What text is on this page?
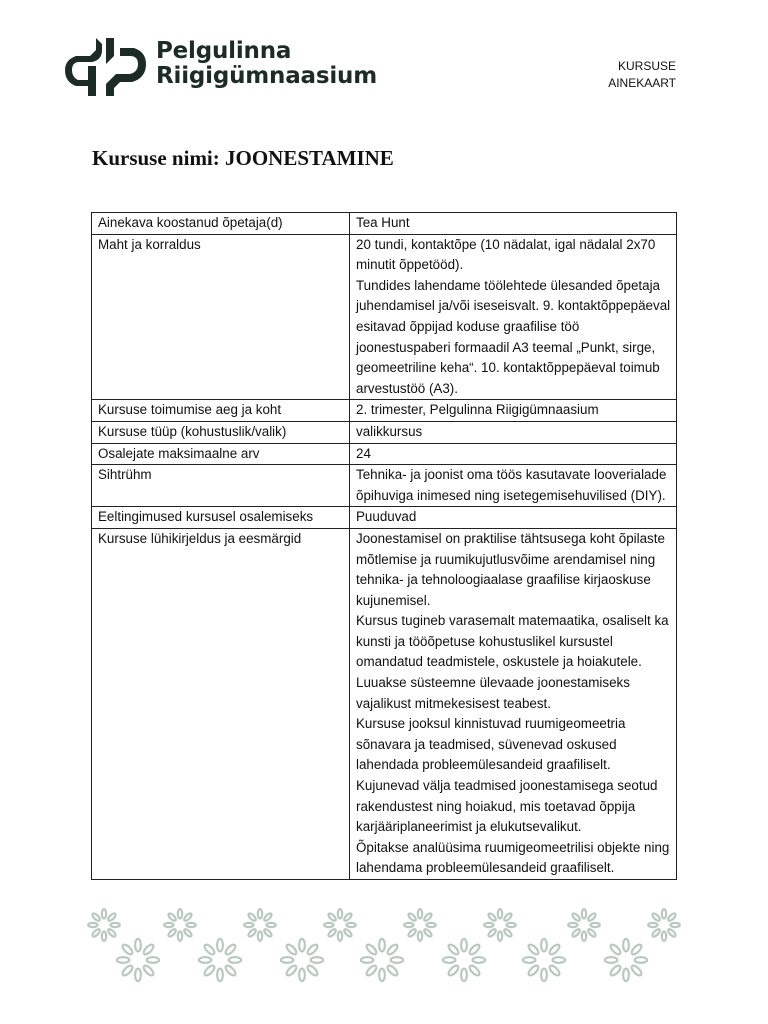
Pelgulinna
Riigigümnaasium	KURSUSE
AINEKAART
Kursuse nimi: JOONESTAMINE
Ainekava koostanud õpetaja(d)	Tea Hunt

Maht ja korraldus	20 tundi, kontaktõpe (10 nädalat, igal nädalal 2x70 minutit õppetööd).
Tundides lahendame töölehtede ülesanded õpetaja juhendamisel ja/või iseseisvalt. 9. kontaktõppepäeval esitavad õppijad koduse graafilise töö joonestuspaberi formaadil A3 teemal „Punkt, sirge, geomeetriline keha“. 10. kontaktõppepäeval toimub arvestustöö (A3).

Kursuse toimumise aeg ja koht	2. trimester, Pelgulinna Riigigümnaasium

Kursuse tüüp (kohustuslik/valik)	valikkursus

Osalejate maksimaalne arv	24

Sihtrühm	Tehnika- ja joonist oma töös kasutavate looverialade õpihuviga inimesed ning isetegemisehuvilised (DIY).

Eeltingimused kursusel osalemiseks	Puuduvad

Kursuse lühikirjeldus ja eesmärgid	Joonestamisel on praktilise tähtsusega koht õpilaste mõtlemise ja ruumikujutlusvõime arendamisel ning tehnika- ja tehnoloogiaalase graafilise kirjaoskuse kujunemisel.
Kursus tugineb varasemalt matemaatika, osaliselt ka kunsti ja tööõpetuse kohustuslikel kursustel omandatud teadmistele, oskustele ja hoiakutele. Luuakse süsteemne ülevaade joonestamiseks vajalikust mitmekesisest teabest.
Kursuse jooksul kinnistuvad ruumigeomeetria sõnavara ja teadmised, süvenevad oskused lahendada probleemülesandeid graafiliselt.
Kujunevad välja teadmised joonestamisega seotud rakendustest ning hoiakud, mis toetavad õppija karjääriplaneerimist ja elukutsevalikut.
Õpitakse analüüsima ruumigeomeetrilisi objekte ning lahendama probleemülesandeid graafiliselt.
